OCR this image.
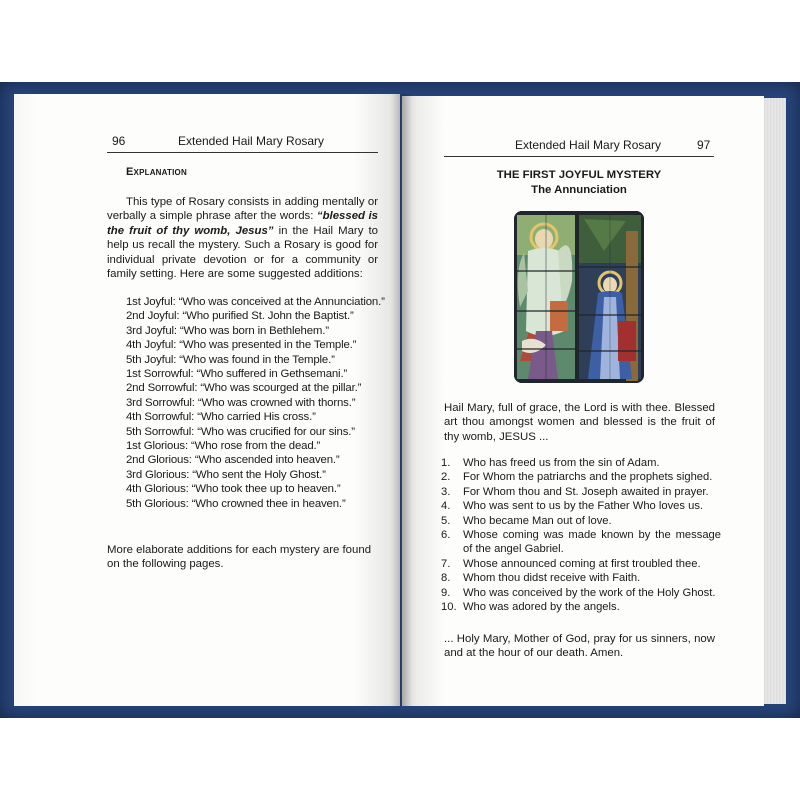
96	Extended Hail Mary Rosary
Explanation
This type of Rosary consists in adding mentally or verbally a simple phrase after the words: “blessed is the fruit of thy womb, Jesus” in the Hail Mary to help us recall the mystery. Such a Rosary is good for individual private devotion or for a community or family setting. Here are some suggested additions:
1st Joyful: “Who was conceived at the Annunciation.”
2nd Joyful: “Who purified St. John the Baptist.”
3rd Joyful: “Who was born in Bethlehem.”
4th Joyful: “Who was presented in the Temple.”
5th Joyful: “Who was found in the Temple.”
1st Sorrowful: “Who suffered in Gethsemani.”
2nd Sorrowful: “Who was scourged at the pillar.”
3rd Sorrowful: “Who was crowned with thorns.”
4th Sorrowful: “Who carried His cross.”
5th Sorrowful: “Who was crucified for our sins.”
1st Glorious: “Who rose from the dead.”
2nd Glorious: “Who ascended into heaven.”
3rd Glorious: “Who sent the Holy Ghost.”
4th Glorious: “Who took thee up to heaven.”
5th Glorious: “Who crowned thee in heaven.”
More elaborate additions for each mystery are found on the following pages.
Extended Hail Mary Rosary	97
THE FIRST JOYFUL MYSTERY
The Annunciation
Hail Mary, full of grace, the Lord is with thee. Blessed art thou amongst women and blessed is the fruit of thy womb, JESUS ...
1.	Who has freed us from the sin of Adam.
2.	For Whom the patriarchs and the prophets sighed.
3.	For Whom thou and St. Joseph awaited in prayer.
4.	Who was sent to us by the Father Who loves us.
5.	Who became Man out of love.
6.	Whose coming was made known by the message of the angel Gabriel.
7.	Whose announced coming at first troubled thee.
8.	Whom thou didst receive with Faith.
9.	Who was conceived by the work of the Holy Ghost.
10. Who was adored by the angels.
... Holy Mary, Mother of God, pray for us sinners, now and at the hour of our death. Amen.
